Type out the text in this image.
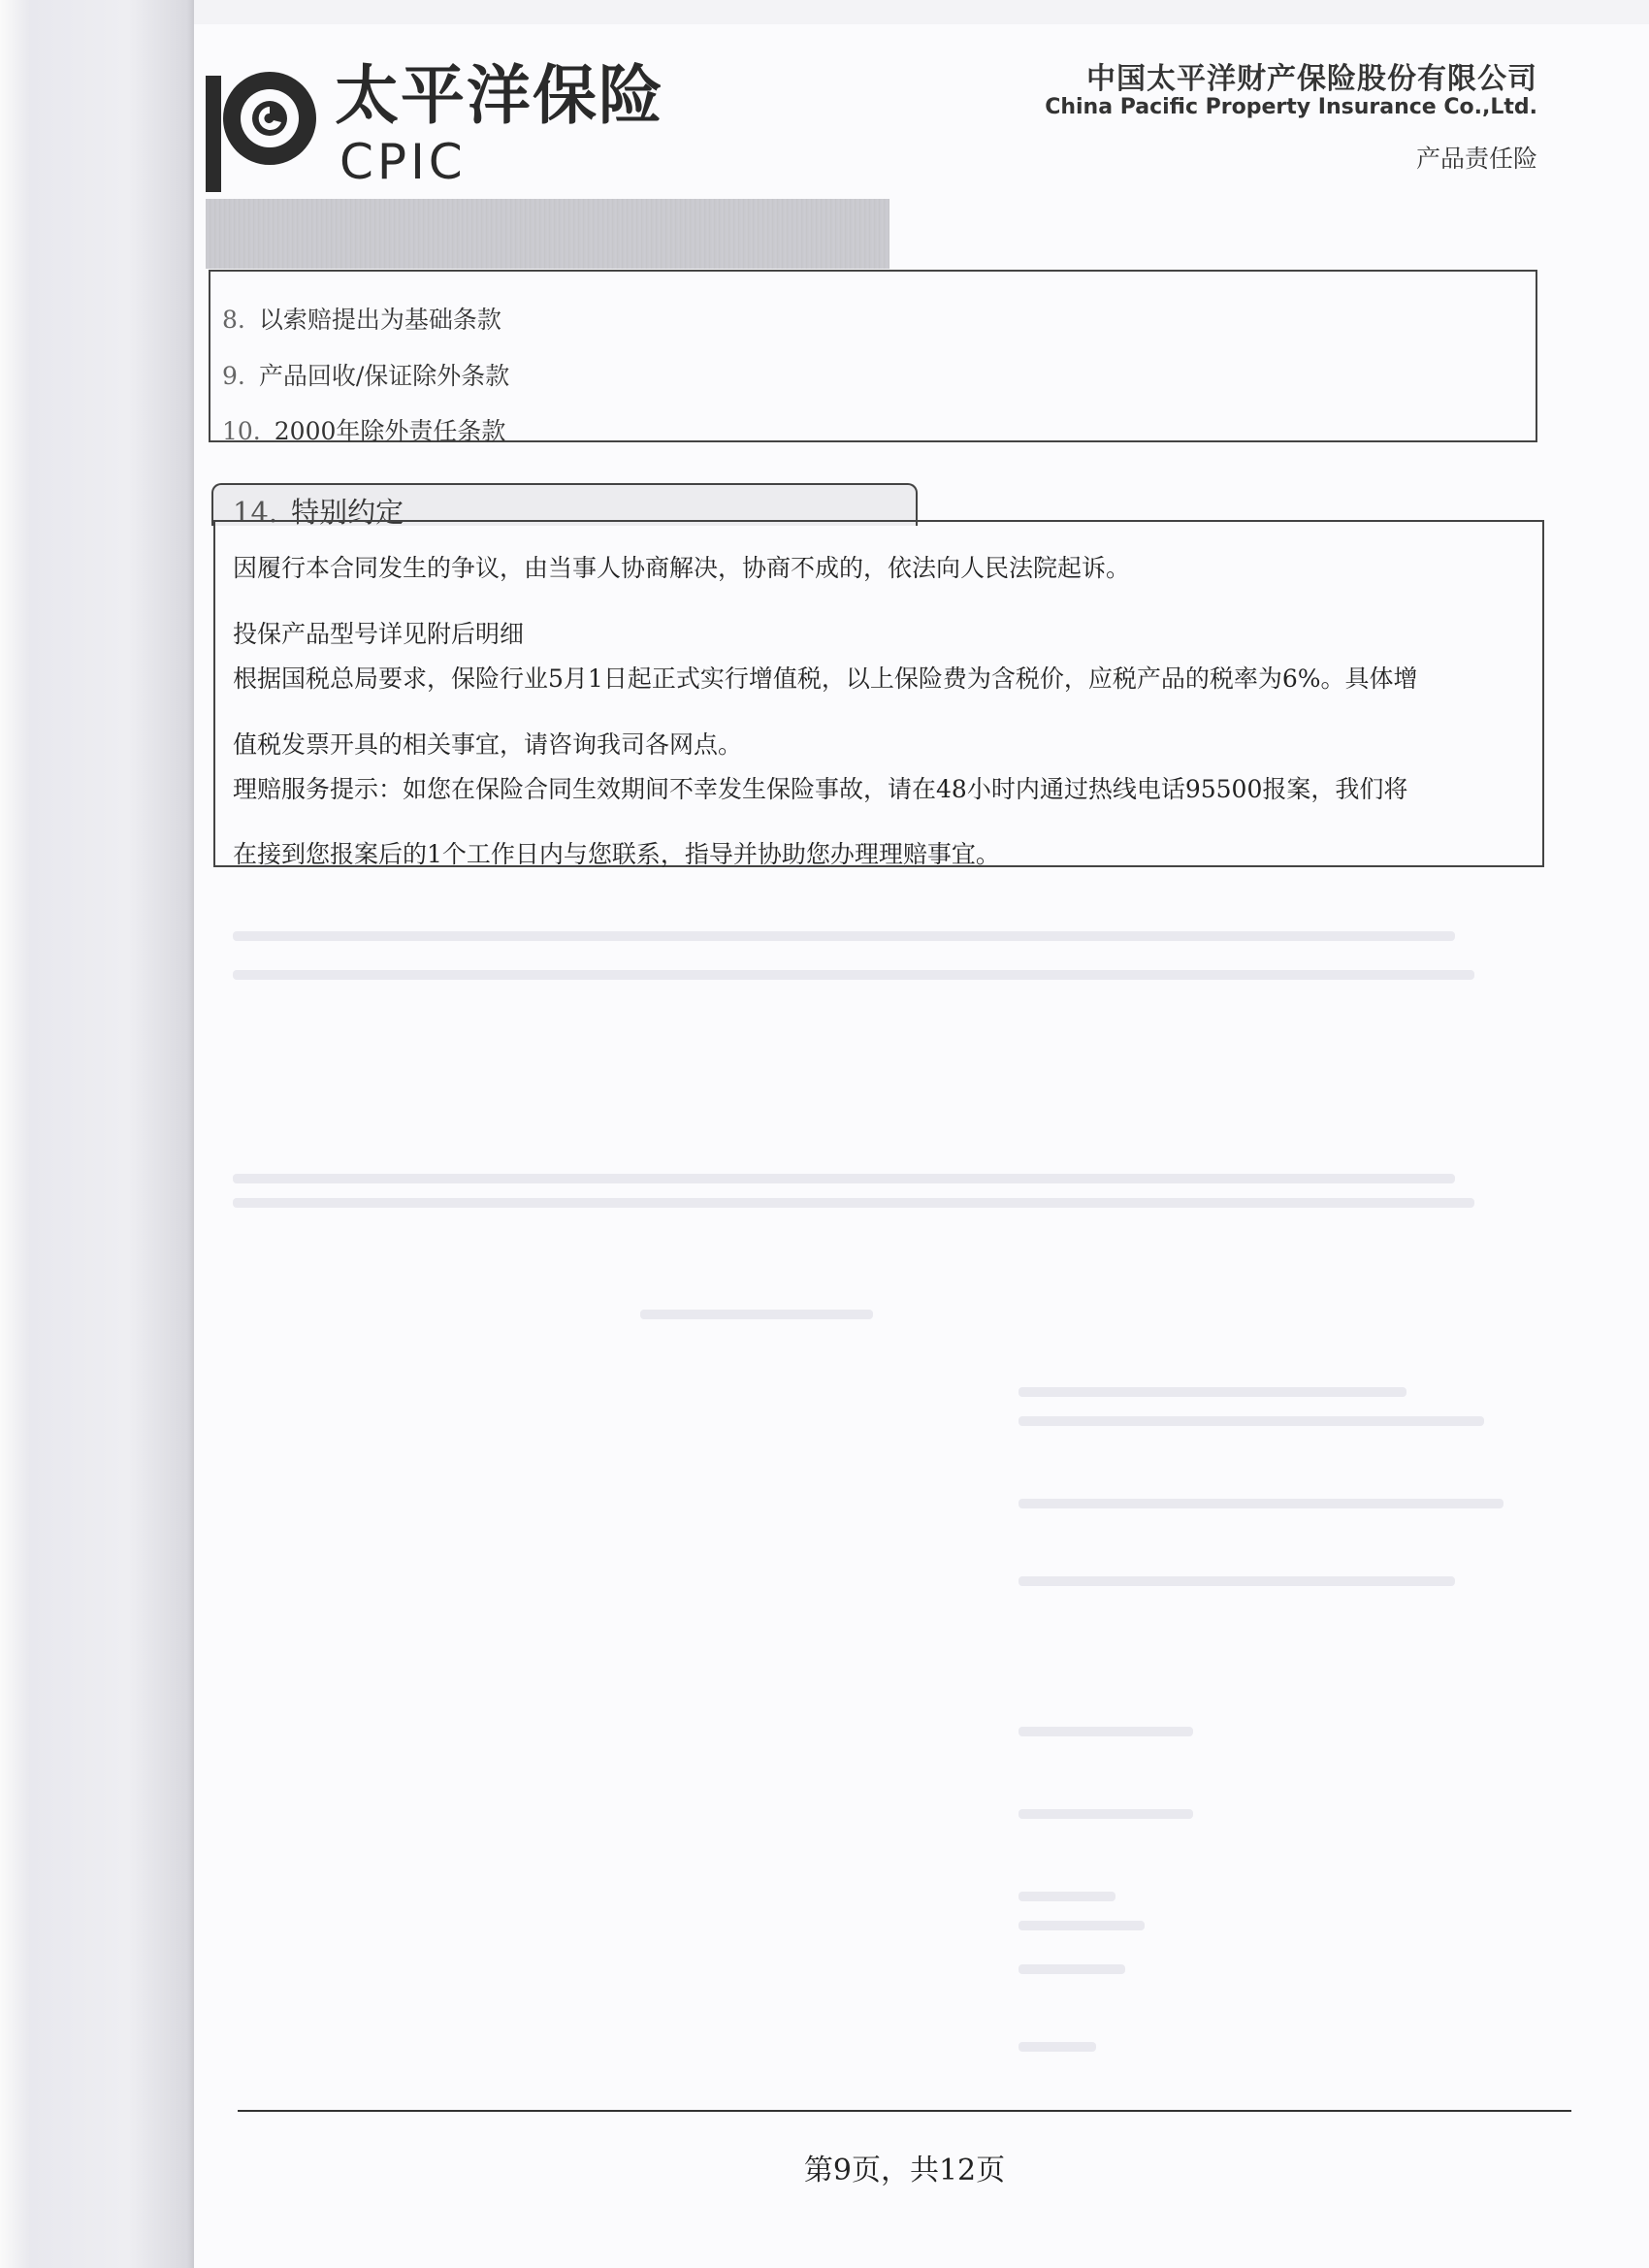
太平洋保险
CPIC
中国太平洋财产保险股份有限公司
China Pacific Property Insurance Co.,Ltd.
产品责任险
8. 以索赔提出为基础条款
9. 产品回收/保证除外条款
10. 2000年除外责任条款
14. 特别约定
因履行本合同发生的争议，由当事人协商解决，协商不成的，依法向人民法院起诉。
投保产品型号详见附后明细
根据国税总局要求，保险行业5月1日起正式实行增值税，以上保险费为含税价，应税产品的税率为6%。具体增
值税发票开具的相关事宜，请咨询我司各网点。
理赔服务提示：如您在保险合同生效期间不幸发生保险事故，请在48小时内通过热线电话95500报案，我们将
在接到您报案后的1个工作日内与您联系，指导并协助您办理理赔事宜。
第9页，共12页
